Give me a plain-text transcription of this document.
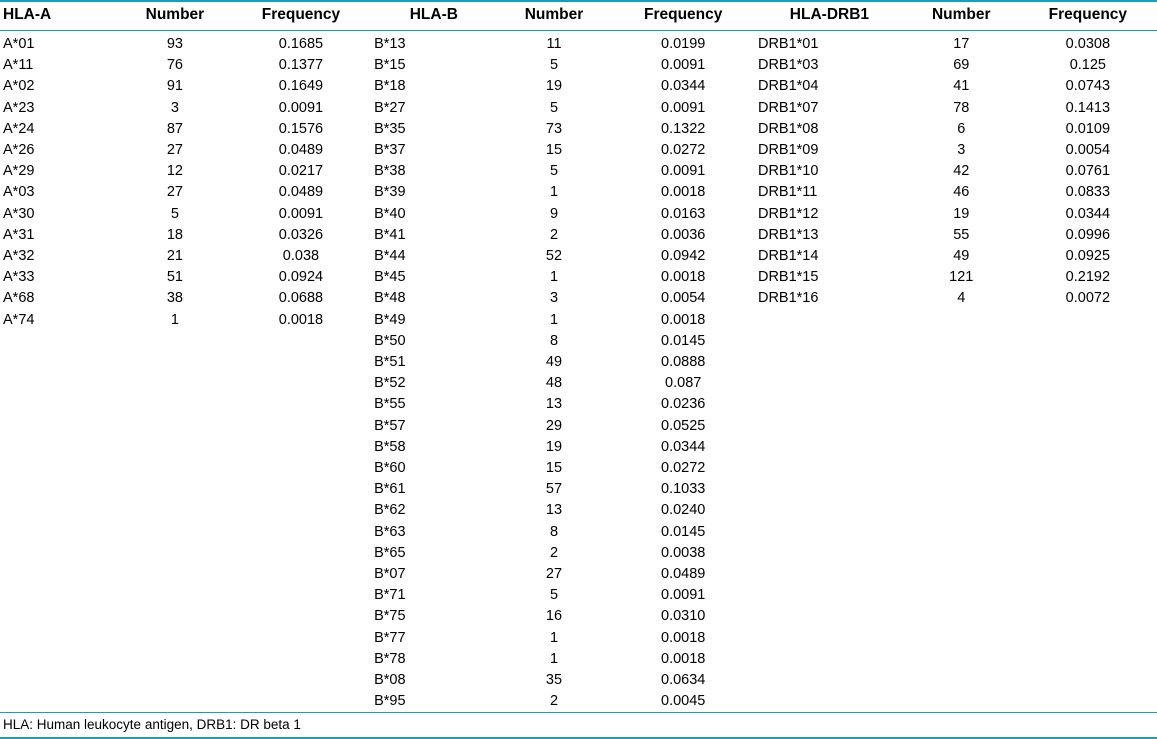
HLA-A	Number	Frequency	HLA-B	Number	Frequency	HLA-DRB1	Number	Frequency
A*01	93	0.1685	B*13	11	0.0199	DRB1*01	17	0.0308
A*11	76	0.1377	B*15	5	0.0091	DRB1*03	69	0.125
A*02	91	0.1649	B*18	19	0.0344	DRB1*04	41	0.0743
A*23	3	0.0091	B*27	5	0.0091	DRB1*07	78	0.1413
A*24	87	0.1576	B*35	73	0.1322	DRB1*08	6	0.0109
A*26	27	0.0489	B*37	15	0.0272	DRB1*09	3	0.0054
A*29	12	0.0217	B*38	5	0.0091	DRB1*10	42	0.0761
A*03	27	0.0489	B*39	1	0.0018	DRB1*11	46	0.0833
A*30	5	0.0091	B*40	9	0.0163	DRB1*12	19	0.0344
A*31	18	0.0326	B*41	2	0.0036	DRB1*13	55	0.0996
A*32	21	0.038	B*44	52	0.0942	DRB1*14	49	0.0925
A*33	51	0.0924	B*45	1	0.0018	DRB1*15	121	0.2192
A*68	38	0.0688	B*48	3	0.0054	DRB1*16	4	0.0072
A*74	1	0.0018	B*49	1	0.0018			
			B*50	8	0.0145			
			B*51	49	0.0888			
			B*52	48	0.087			
			B*55	13	0.0236			
			B*57	29	0.0525			
			B*58	19	0.0344			
			B*60	15	0.0272			
			B*61	57	0.1033			
			B*62	13	0.0240			
			B*63	8	0.0145			
			B*65	2	0.0038			
			B*07	27	0.0489			
			B*71	5	0.0091			
			B*75	16	0.0310			
			B*77	1	0.0018			
			B*78	1	0.0018			
			B*08	35	0.0634			
			B*95	2	0.0045			
HLA: Human leukocyte antigen, DRB1: DR beta 1								
